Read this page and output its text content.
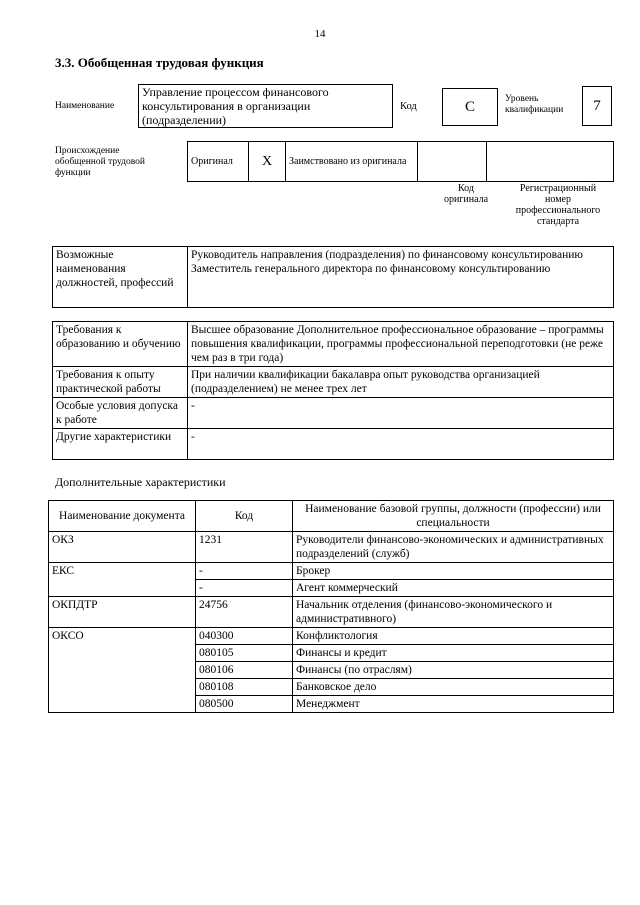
14
3.3. Обобщенная трудовая функция
Наименование
Управление процессом финансового консультирования в организации (подразделении)
Код	C	Уровень квалификации	7
Происхождение обобщенной трудовой функции
Оригинал	X	Заимствовано из оригинала		
Код оригинала
Регистрационный номер профессионального стандарта
Возможные наименования должностей, профессий	
Руководитель направления (подразделения) по финансовому консультированию
Заместитель генерального директора по финансовому консультированию
Требования к образованию и обучению	Высшее образование Дополнительное профессиональное образование – программы повышения квалификации, программы профессиональной переподготовки (не реже чем раз в три года)
Требования к опыту практической работы	При наличии квалификации бакалавра опыт руководства организацией (подразделением) не менее трех лет
Особые условия допуска к работе	-
Другие характеристики	-
Дополнительные характеристики
Наименование документа	Код	Наименование базовой группы, должности (профессии) или специальности
ОКЗ	1231	Руководители финансово-экономических и административных подразделений (служб)
ЕКС	-	Брокер
	-	Агент коммерческий
ОКПДТР	24756	Начальник отделения (финансово-экономического и административного)
ОКСО	040300	Конфликтология
	080105	Финансы и кредит
	080106	Финансы (по отраслям)
	080108	Банковское дело
	080500	Менеджмент
